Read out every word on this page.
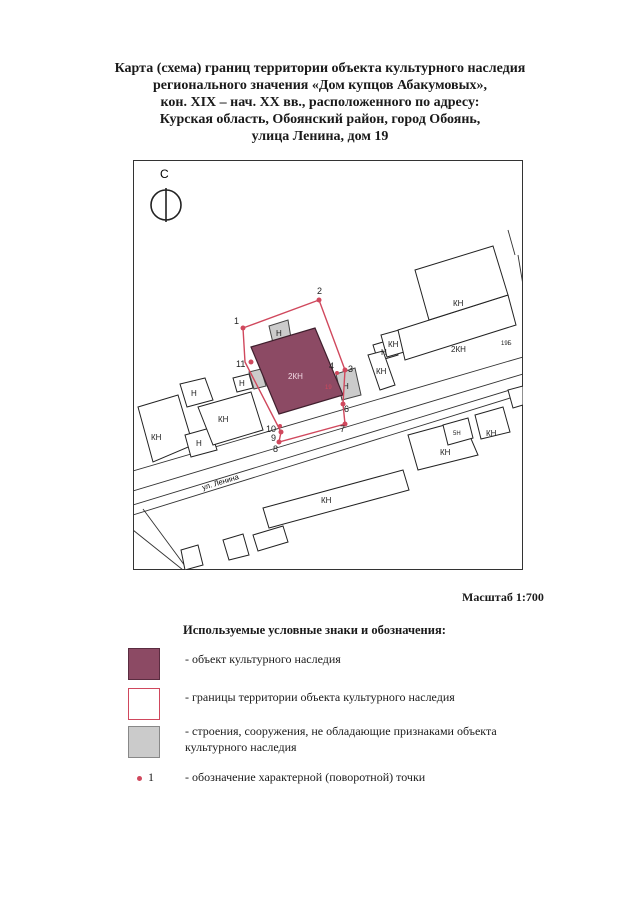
Карта (схема) границ территории объекта культурного наследия
регионального значения «Дом купцов Абакумовых»,
кон. XIX – нач. XX вв., расположенного по адресу:
Курская область, Обоянский район, город Обоянь,
улица Ленина, дом 19
С
ул. Ленина
КН
Н
Н
КН
Н
Н
КН
КН
2КН
19Б
КН
КН
5Н	КН
КН
2КН
Н
Н
19
1
2
3
4
6
7
8
9
10
11
Масштаб 1:700
Используемые условные знаки и обозначения:
- объект культурного наследия
- границы территории объекта культурного наследия
- строения, сооружения, не обладающие признаками объекта
культурного наследия
1	- обозначение характерной (поворотной) точки
